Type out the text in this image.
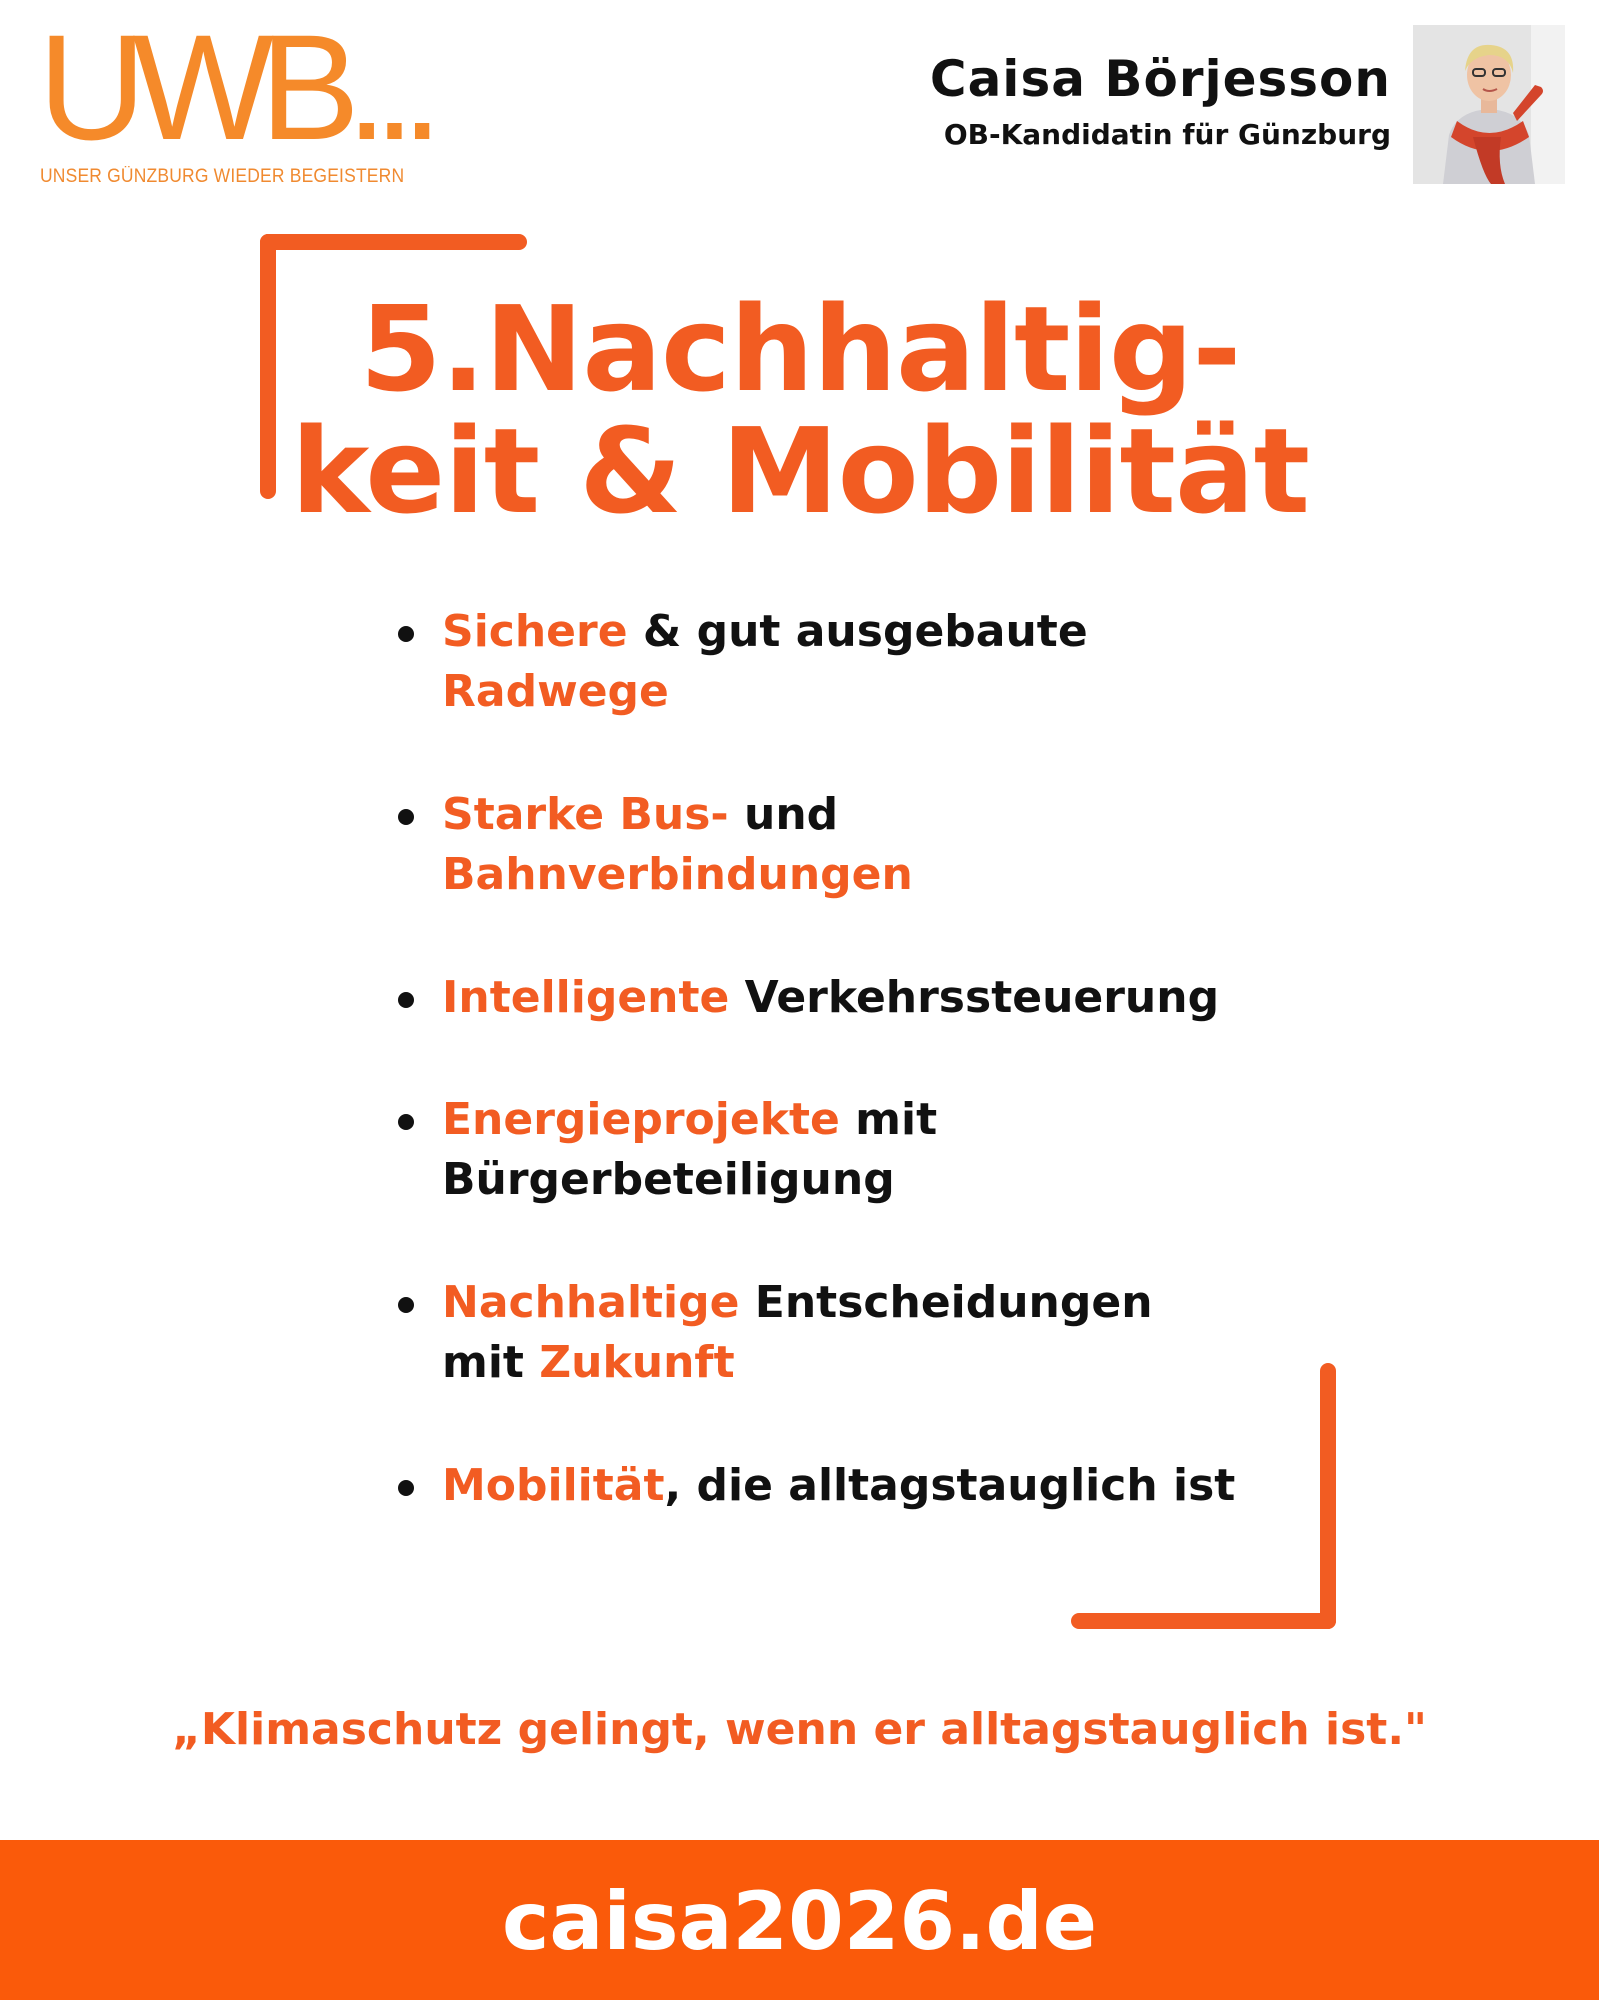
UWB...
UNSER GÜNZBURG WIEDER BEGEISTERN
Caisa Börjesson
OB-Kandidatin für Günzburg
5.Nachhaltig-
keit & Mobilität
Sichere & gut ausgebaute
Radwege
Starke Bus- und
Bahnverbindungen
Intelligente Verkehrssteuerung
Energieprojekte mit
Bürgerbeteiligung
Nachhaltige Entscheidungen
mit Zukunft
Mobilität, die alltagstauglich ist
„Klimaschutz gelingt, wenn er alltagstauglich ist."
caisa2026.de
